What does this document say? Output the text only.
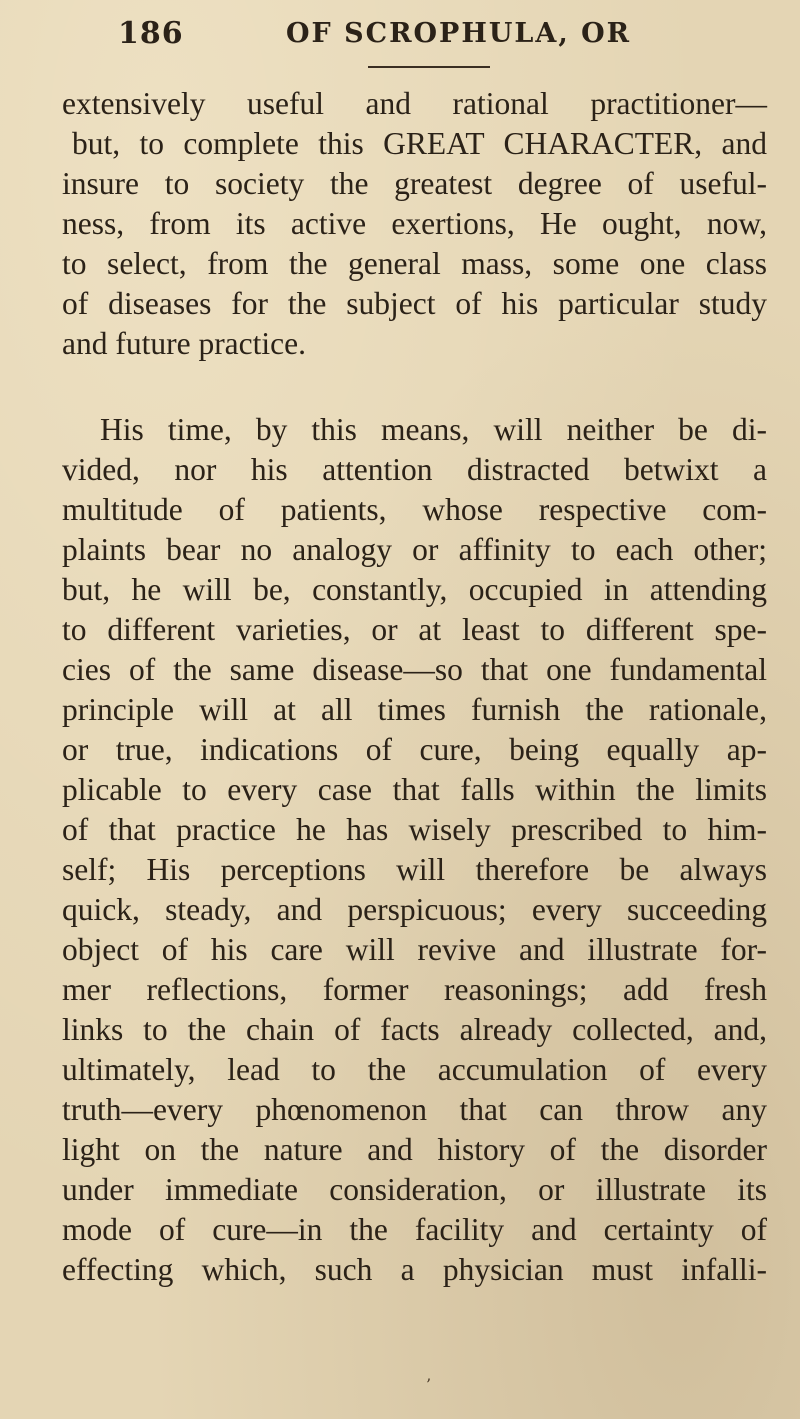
186	OF SCROPHULA, OR
extensively useful and rational practitioner—
but, to complete this GREAT CHARACTER, and
insure to society the greatest degree of useful-
ness, from its active exertions, He ought, now,
to select, from the general mass, some one class
of diseases for the subject of his particular study
and future practice.
His time, by this means, will neither be di-
vided, nor his attention distracted betwixt a
multitude of patients, whose respective com-
plaints bear no analogy or affinity to each other;
but, he will be, constantly, occupied in attending
to different varieties, or at least to different spe-
cies of the same disease—so that one fundamental
principle will at all times furnish the rationale,
or true, indications of cure, being equally ap-
plicable to every case that falls within the limits
of that practice he has wisely prescribed to him-
self; His perceptions will therefore be always
quick, steady, and perspicuous; every succeeding
object of his care will revive and illustrate for-
mer reflections, former reasonings; add fresh
links to the chain of facts already collected, and,
ultimately, lead to the accumulation of every
truth—every phœnomenon that can throw any
light on the nature and history of the disorder
under immediate consideration, or illustrate its
mode of cure—in the facility and certainty of
effecting which, such a physician must infalli-
’
